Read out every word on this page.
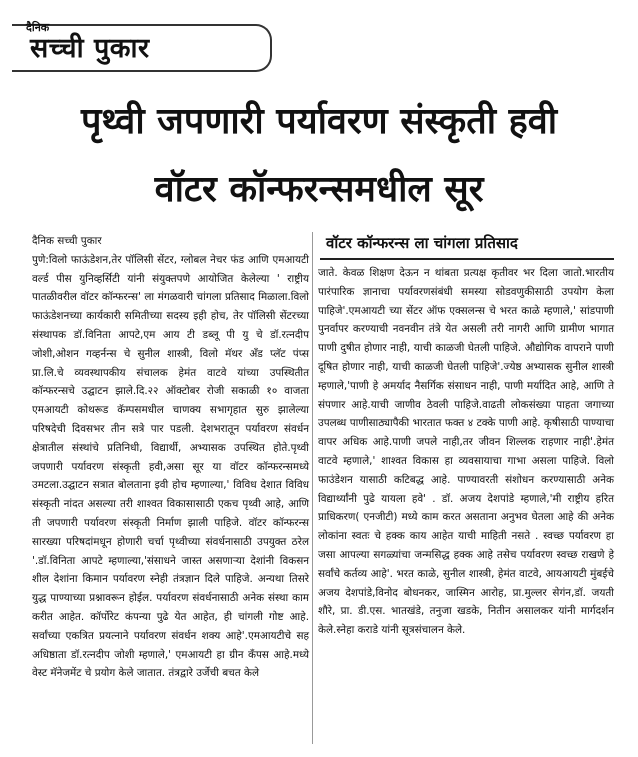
दैनिक
सच्ची पुकार
पृथ्वी जपणारी पर्यावरण संस्कृती हवी
वॉटर कॉन्फरन्समधील सूर
दैनिक सच्ची पुकार
पुणे:विलो फाऊंडेशन,तेर पॉलिसी सेंटर, ग्लोबल नेचर फंड आणि एमआयटी वर्ल्ड पीस युनिव्हर्सिटी यांनी संयुक्तपणे आयोजित केलेल्या ' राष्ट्रीय पातळीवरील वॉटर कॉन्फरन्स' ला मंगळवारी चांगला प्रतिसाद मिळाला.विलो फाऊंडेशनच्या कार्यकारी समितीच्या सदस्य इही होच, तेर पॉलिसी सेंटरच्या संस्थापक डॉ.विनिता आपटे,एम आय टी डब्लू पी यु चे डॉ.रत्नदीप जोशी,ओशन गव्हर्नन्स चे सुनील शास्त्री, विलो मॅथर ॲंड प्लॅट पंप्स प्रा.लि.चे व्यवस्थापकीय संचालक हेमंत वाटवे यांच्या उपस्थितीत कॉन्फरन्सचे उद्घाटन झाले.दि.२२ ऑक्टोबर रोजी सकाळी १० वाजता एमआयटी कोथरूड कॅम्पसमधील चाणक्य सभागृहात सुरु झालेल्या परिषदेची दिवसभर तीन सत्रे पार पडली. देशभरातून पर्यावरण संवर्धन क्षेत्रातील संस्थांचे प्रतिनिधी, विद्यार्थी, अभ्यासक उपस्थित होते.पृथ्वी जपणारी पर्यावरण संस्कृती हवी,असा सूर या वॉटर कॉन्फरन्समध्ये उमटला.उद्घाटन सत्रात बोलताना इवी होच म्हणाल्या,' विविध देशात विविध संस्कृती नांदत असल्या तरी शाश्वत विकासासाठी एकच पृथ्वी आहे, आणि ती जपणारी पर्यावरण संस्कृती निर्माण झाली पाहिजे. वॉटर कॉन्फरन्स सारख्या परिषदांमधून होणारी चर्चा पृथ्वीच्या संवर्धनासाठी उपयुक्त ठरेल '.डॉ.विनिता आपटे म्हणाल्या,'संसाधने जास्त असणाऱ्या देशांनी विकसन शील देशांना किमान पर्यावरण स्नेही तंत्रज्ञान दिले पाहिजे. अन्यथा तिसरे युद्ध पाण्याच्या प्रश्नावरून होईल. पर्यावरण संवर्धनासाठी अनेक संस्था काम करीत आहेत. कॉर्पोरेट कंपन्या पुढे येत आहेत, ही चांगली गोष्ट आहे. सर्वांच्या एकत्रित प्रयत्नाने पर्यावरण संवर्धन शक्य आहे'.एमआयटीचे सह अधिष्ठाता डॉ.रत्नदीप जोशी म्हणाले,' एमआयटी हा ग्रीन कॅंपस आहे.मध्ये वेस्ट मॅनेजमेंट चे प्रयोग केले जातात. तंत्रद्वारे उर्जेची बचत केले
वॉटर कॉन्फरन्स ला चांगला प्रतिसाद
जाते. केवळ शिक्षण देऊन न थांबता प्रत्यक्ष कृतीवर भर दिला जातो.भारतीय पारंपारिक ज्ञानाचा पर्यावरणसंबंधी समस्या सोडवणुकीसाठी उपयोग केला पाहिजे'.एमआयटी च्या सेंटर ऑफ एक्सलन्स चे भरत काळे म्हणाले,' सांडपाणी पुनर्वापर करण्याची नवनवीन तंत्रे येत असली तरी नागरी आणि ग्रामीण भागात पाणी दुषीत होणार नाही, याची काळजी घेतली पाहिजे. औद्योगिक वापराने पाणी दूषित होणार नाही, याची काळजी घेतली पाहिजे'.ज्येष्ठ अभ्यासक सुनील शास्त्री म्हणाले,'पाणी हे अमर्याद नैसर्गिक संसाधन नाही, पाणी मर्यादित आहे, आणि ते संपणार आहे.याची जाणीव ठेवली पाहिजे.वाढती लोकसंख्या पाहता जगाच्या उपलब्ध पाणीसाठ्यापैकी भारतात फक्त ४ टक्के पाणी आहे. कृषीसाठी पाण्याचा वापर अधिक आहे.पाणी जपले नाही,तर जीवन शिल्लक राहणार नाही'.हेमंत वाटवे म्हणाले,' शाश्वत विकास हा व्यवसायाचा गाभा असला पाहिजे. विलो फाउंडेशन यासाठी कटिबद्ध आहे. पाण्यावरती संशोधन करण्यासाठी अनेक विद्यार्थ्यांनी पुढे यायला हवे' . डॉ. अजय देशपांडे म्हणाले,'मी राष्ट्रीय हरित प्राधिकरण( एनजीटी) मध्ये काम करत असताना अनुभव घेतला आहे की अनेक लोकांना स्वतः चे हक्क काय आहेत याची माहिती नसते . स्वच्छ पर्यावरण हा जसा आपल्या सगळ्यांचा जन्मसिद्ध हक्क आहे तसेच पर्यावरण स्वच्छ राखणे हे सर्वांचे कर्तव्य आहे'. भरत काळे, सुनील शास्त्री, हेमंत वाटवे, आयआयटी मुंबईचे अजय देशपांडे,विनोद बोधनकर, जास्मिन आरोह, प्रा.मुल्लर सेगंन,डॉ. जयती शौरे, प्रा. डी.एस. भातखंडे, तनुजा खडके, नितीन असालकर यांनी मार्गदर्शन केले.स्नेहा कराडे यांनी सूत्रसंचालन केले.
